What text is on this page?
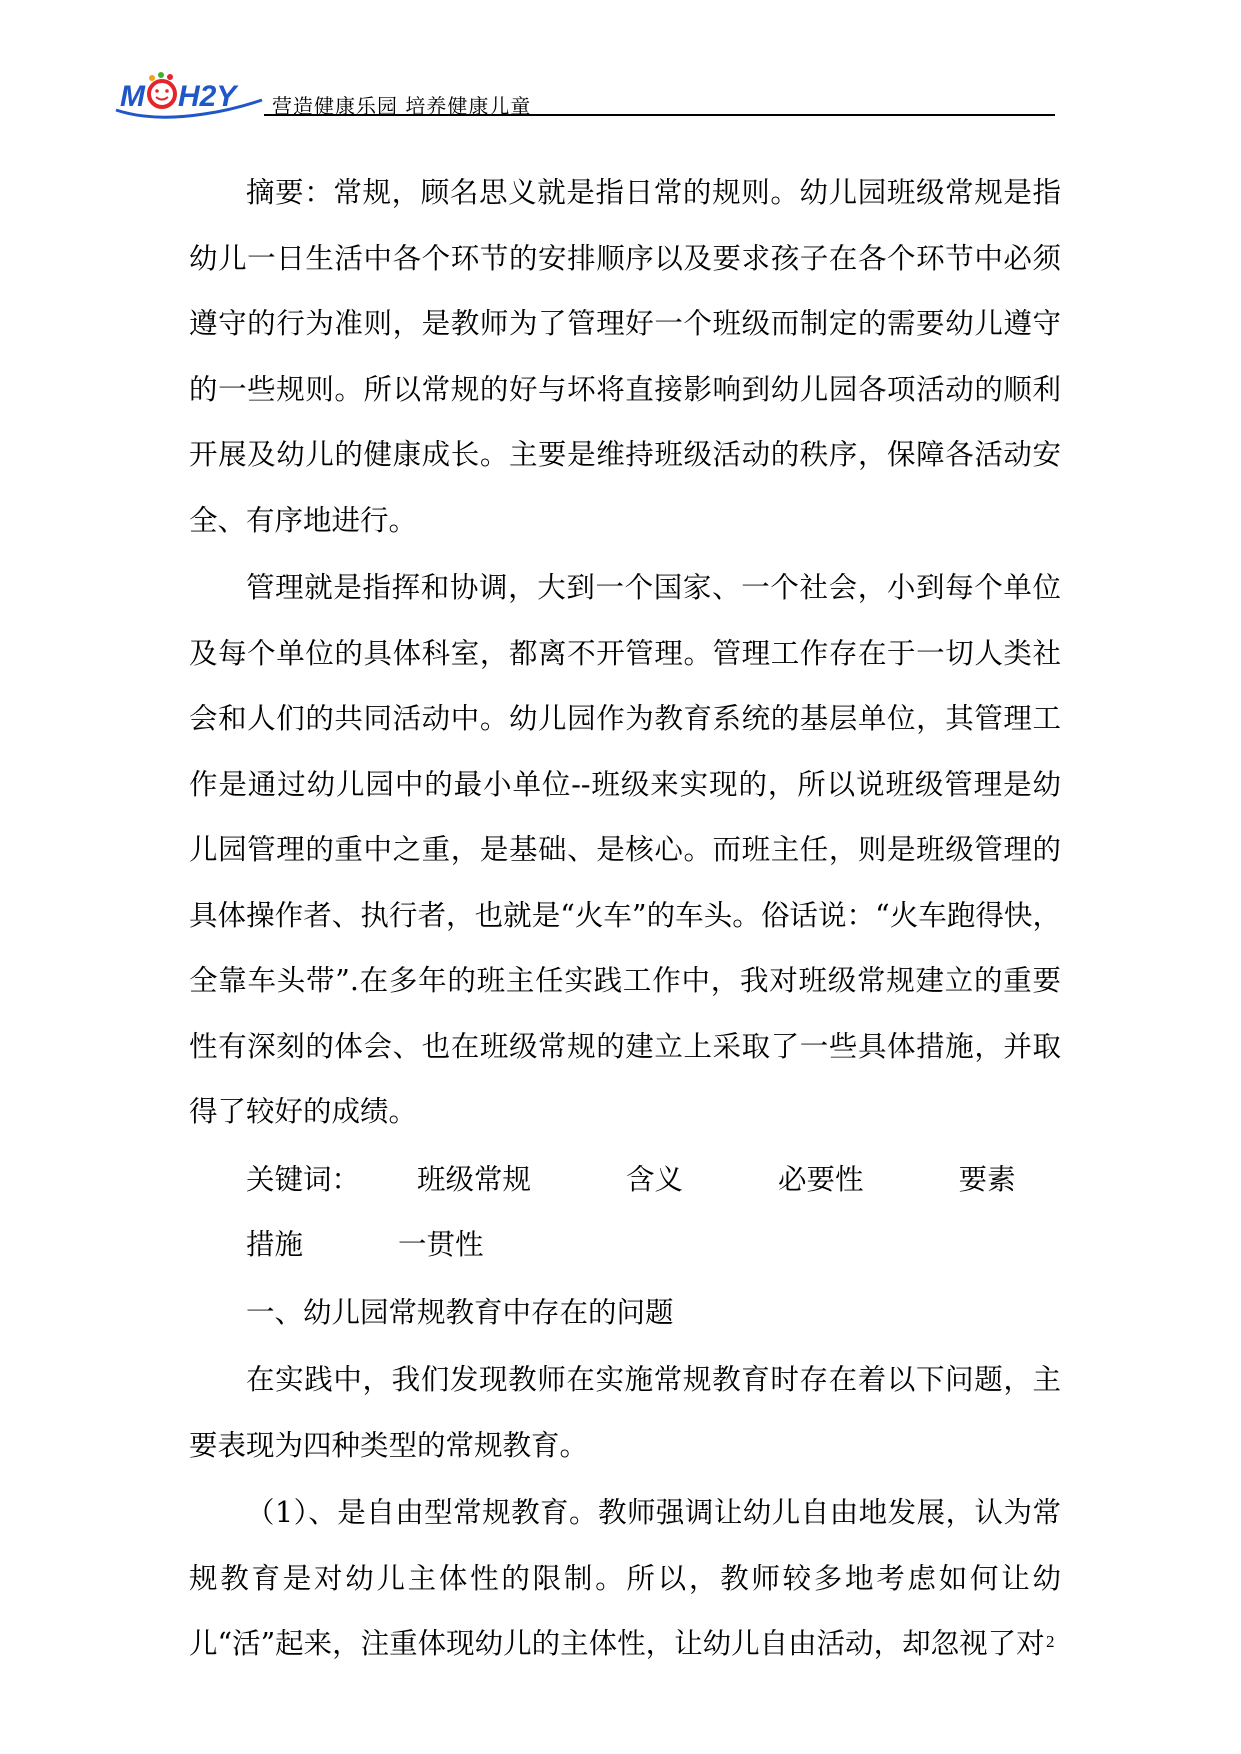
M H2Y 营造健康乐园 培养健康儿童

摘要：常规，顾名思义就是指日常的规则。幼儿园班级常规是指幼儿一日生活中各个环节的安排顺序以及要求孩子在各个环节中必须遵守的行为准则，是教师为了管理好一个班级而制定的需要幼儿遵守的一些规则。所以常规的好与坏将直接影响到幼儿园各项活动的顺利开展及幼儿的健康成长。主要是维持班级活动的秩序，保障各活动安全、有序地进行。

管理就是指挥和协调，大到一个国家、一个社会，小到每个单位及每个单位的具体科室，都离不开管理。管理工作存在于一切人类社会和人们的共同活动中。幼儿园作为教育系统的基层单位，其管理工作是通过幼儿园中的最小单位--班级来实现的，所以说班级管理是幼儿园管理的重中之重，是基础、是核心。而班主任，则是班级管理的具体操作者、执行者，也就是“火车”的车头。俗话说：“火车跑得快，全靠车头带”.在多年的班主任实践工作中，我对班级常规建立的重要性有深刻的体会、也在班级常规的建立上采取了一些具体措施，并取得了较好的成绩。

关键词： 班级常规	含义	必要性	要素措施	一贯性

一、幼儿园常规教育中存在的问题

在实践中，我们发现教师在实施常规教育时存在着以下问题，主要表现为四种类型的常规教育。

（1）、是自由型常规教育。教师强调让幼儿自由地发展，认为常规教育是对幼儿主体性的限制。所以，教师较多地考虑如何让幼儿“活”起来，注重体现幼儿的主体性，让幼儿自由活动，却忽视了对 2
